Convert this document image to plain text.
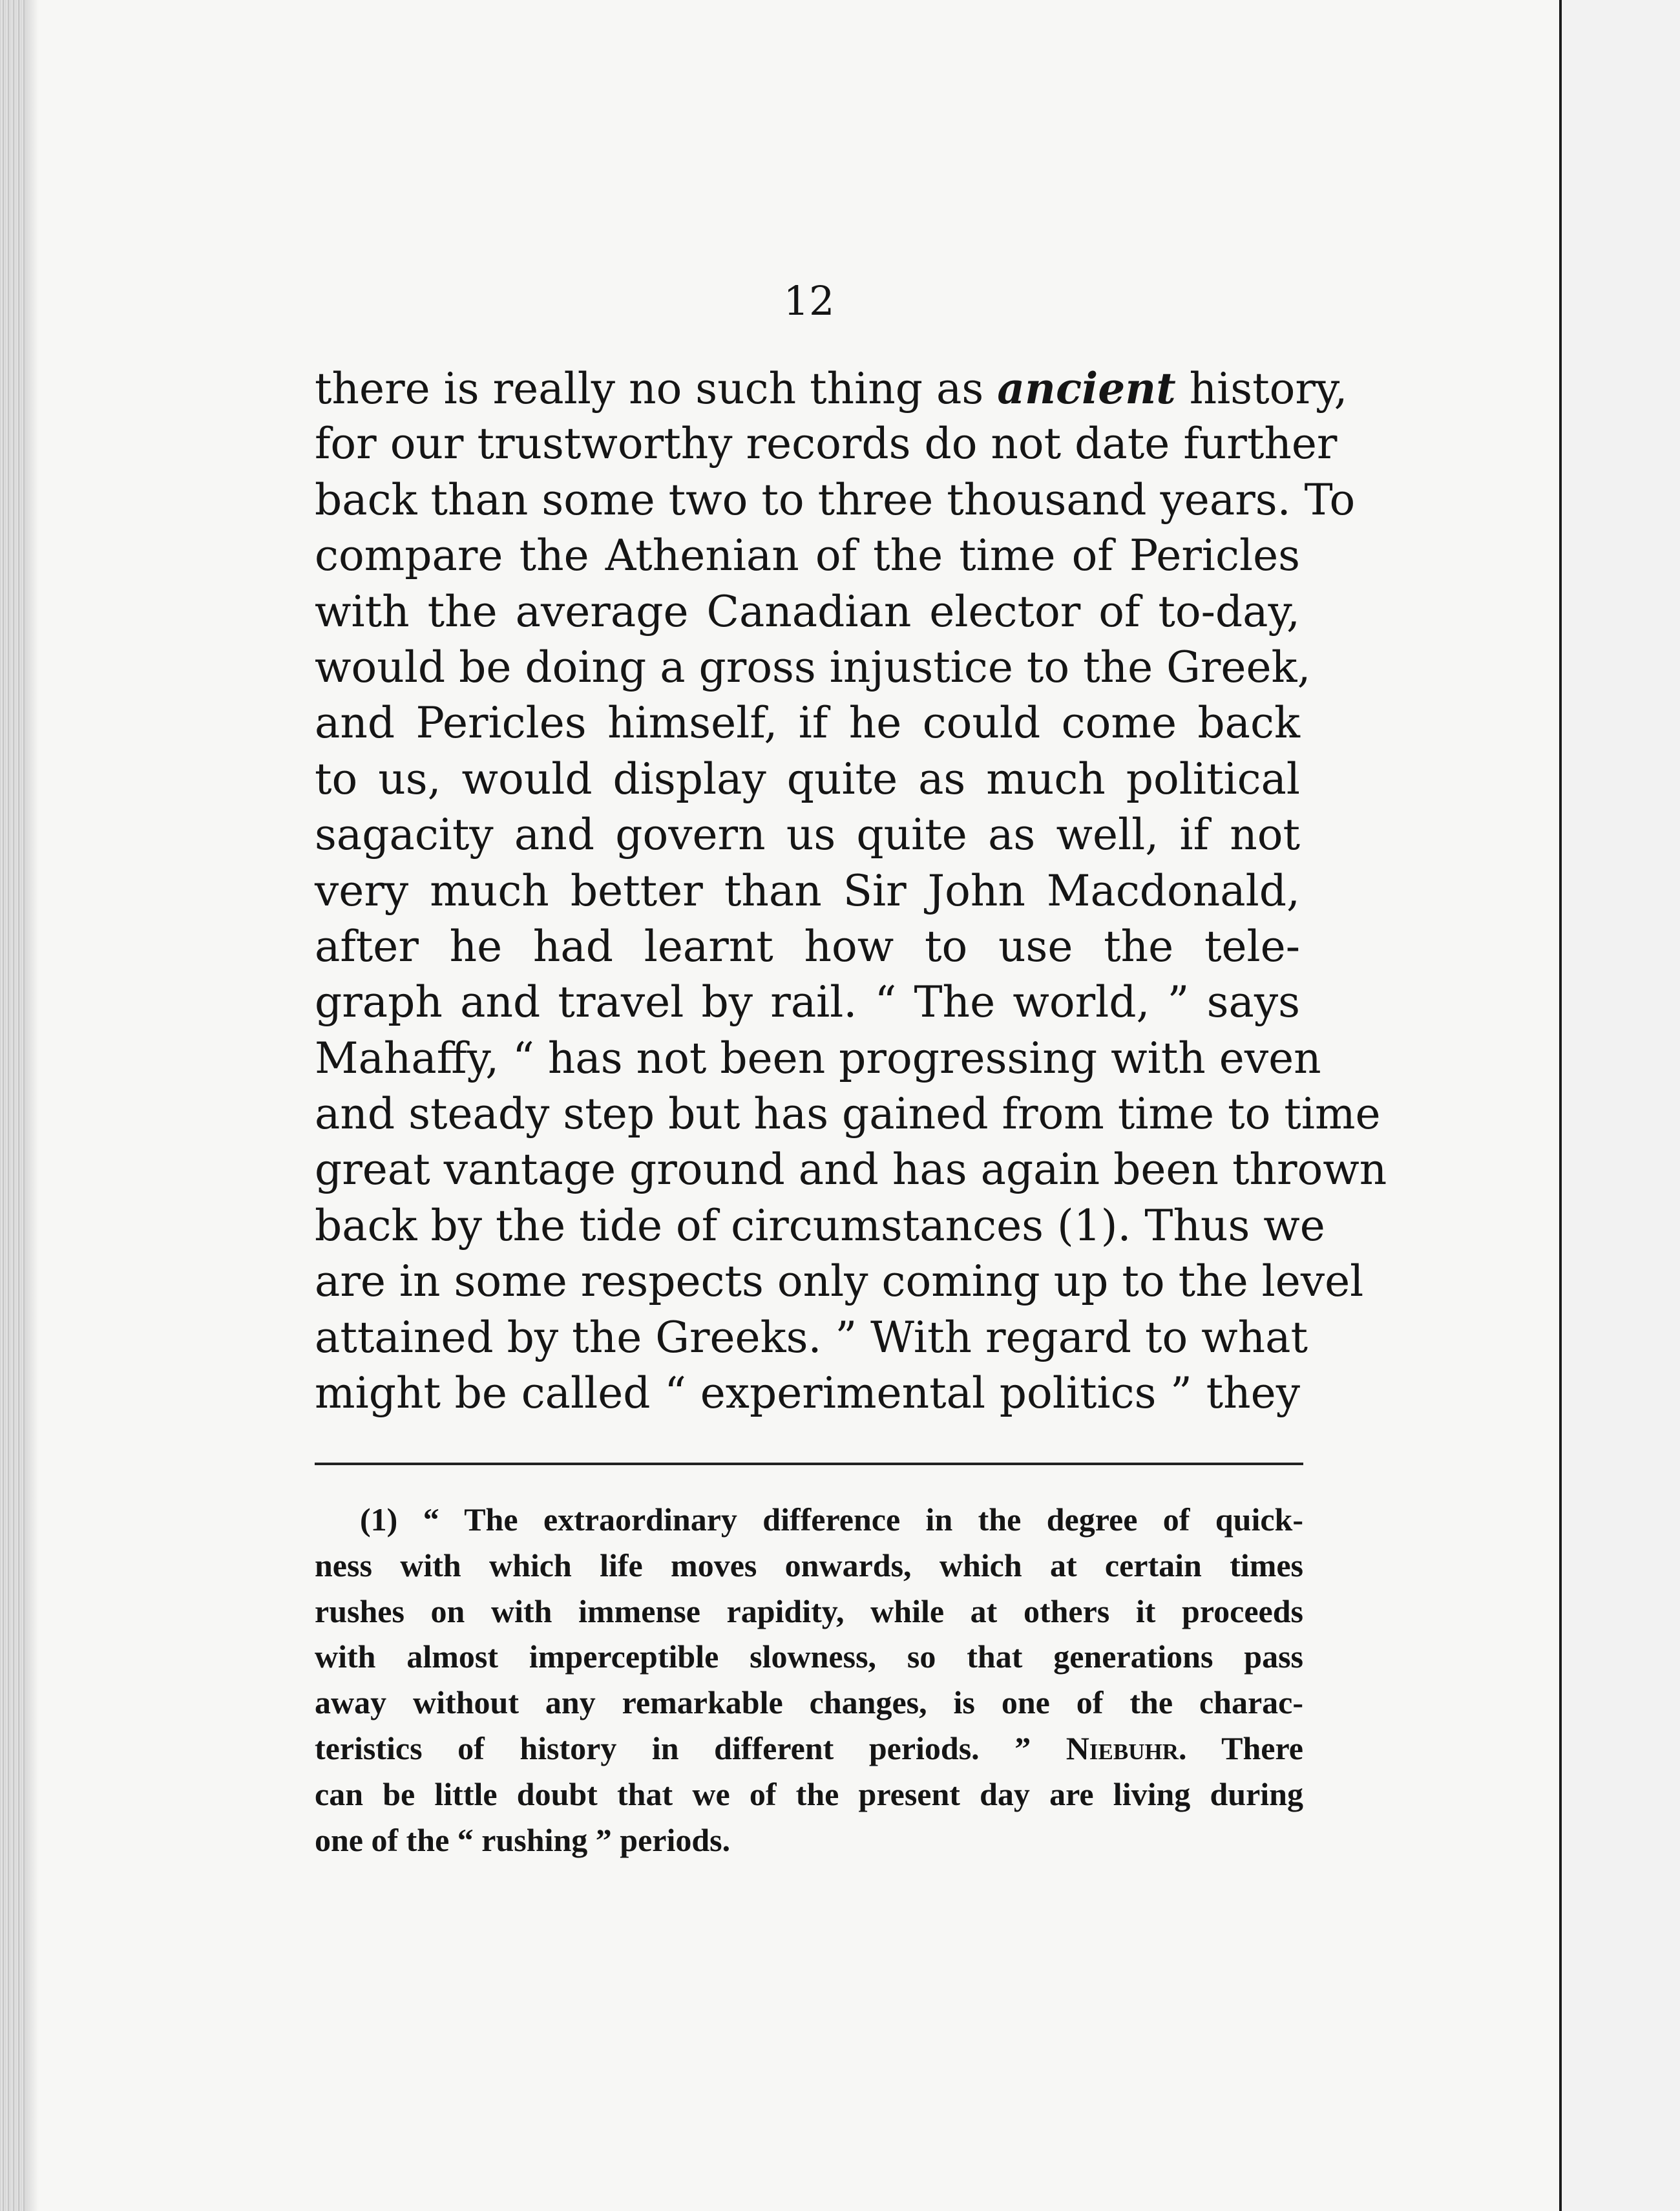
12

there is really no such thing as ancient history,
for our trustworthy records do not date further
back than some two to three thousand years. To
compare the Athenian of the time of Pericles
with the average Canadian elector of to-day,
would be doing a gross injustice to the Greek,
and Pericles himself, if he could come back
to us, would display quite as much political
sagacity and govern us quite as well, if not
very much better than Sir John Macdonald,
after he had learnt how to use the tele-
graph and travel by rail. “ The world, ” says
Mahaffy, “ has not been progressing with even
and steady step but has gained from time to time
great vantage ground and has again been thrown
back by the tide of circumstances (1). Thus we
are in some respects only coming up to the level
attained by the Greeks. ” With regard to what
might be called “ experimental politics ” they

(1) “ The extraordinary difference in the degree of quick-
ness with which life moves onwards, which at certain times
rushes on with immense rapidity, while at others it proceeds
with almost imperceptible slowness, so that generations pass
away without any remarkable changes, is one of the charac-
teristics of history in different periods. ” Niebuhr. There
can be little doubt that we of the present day are living during
one of the “ rushing ” periods.
